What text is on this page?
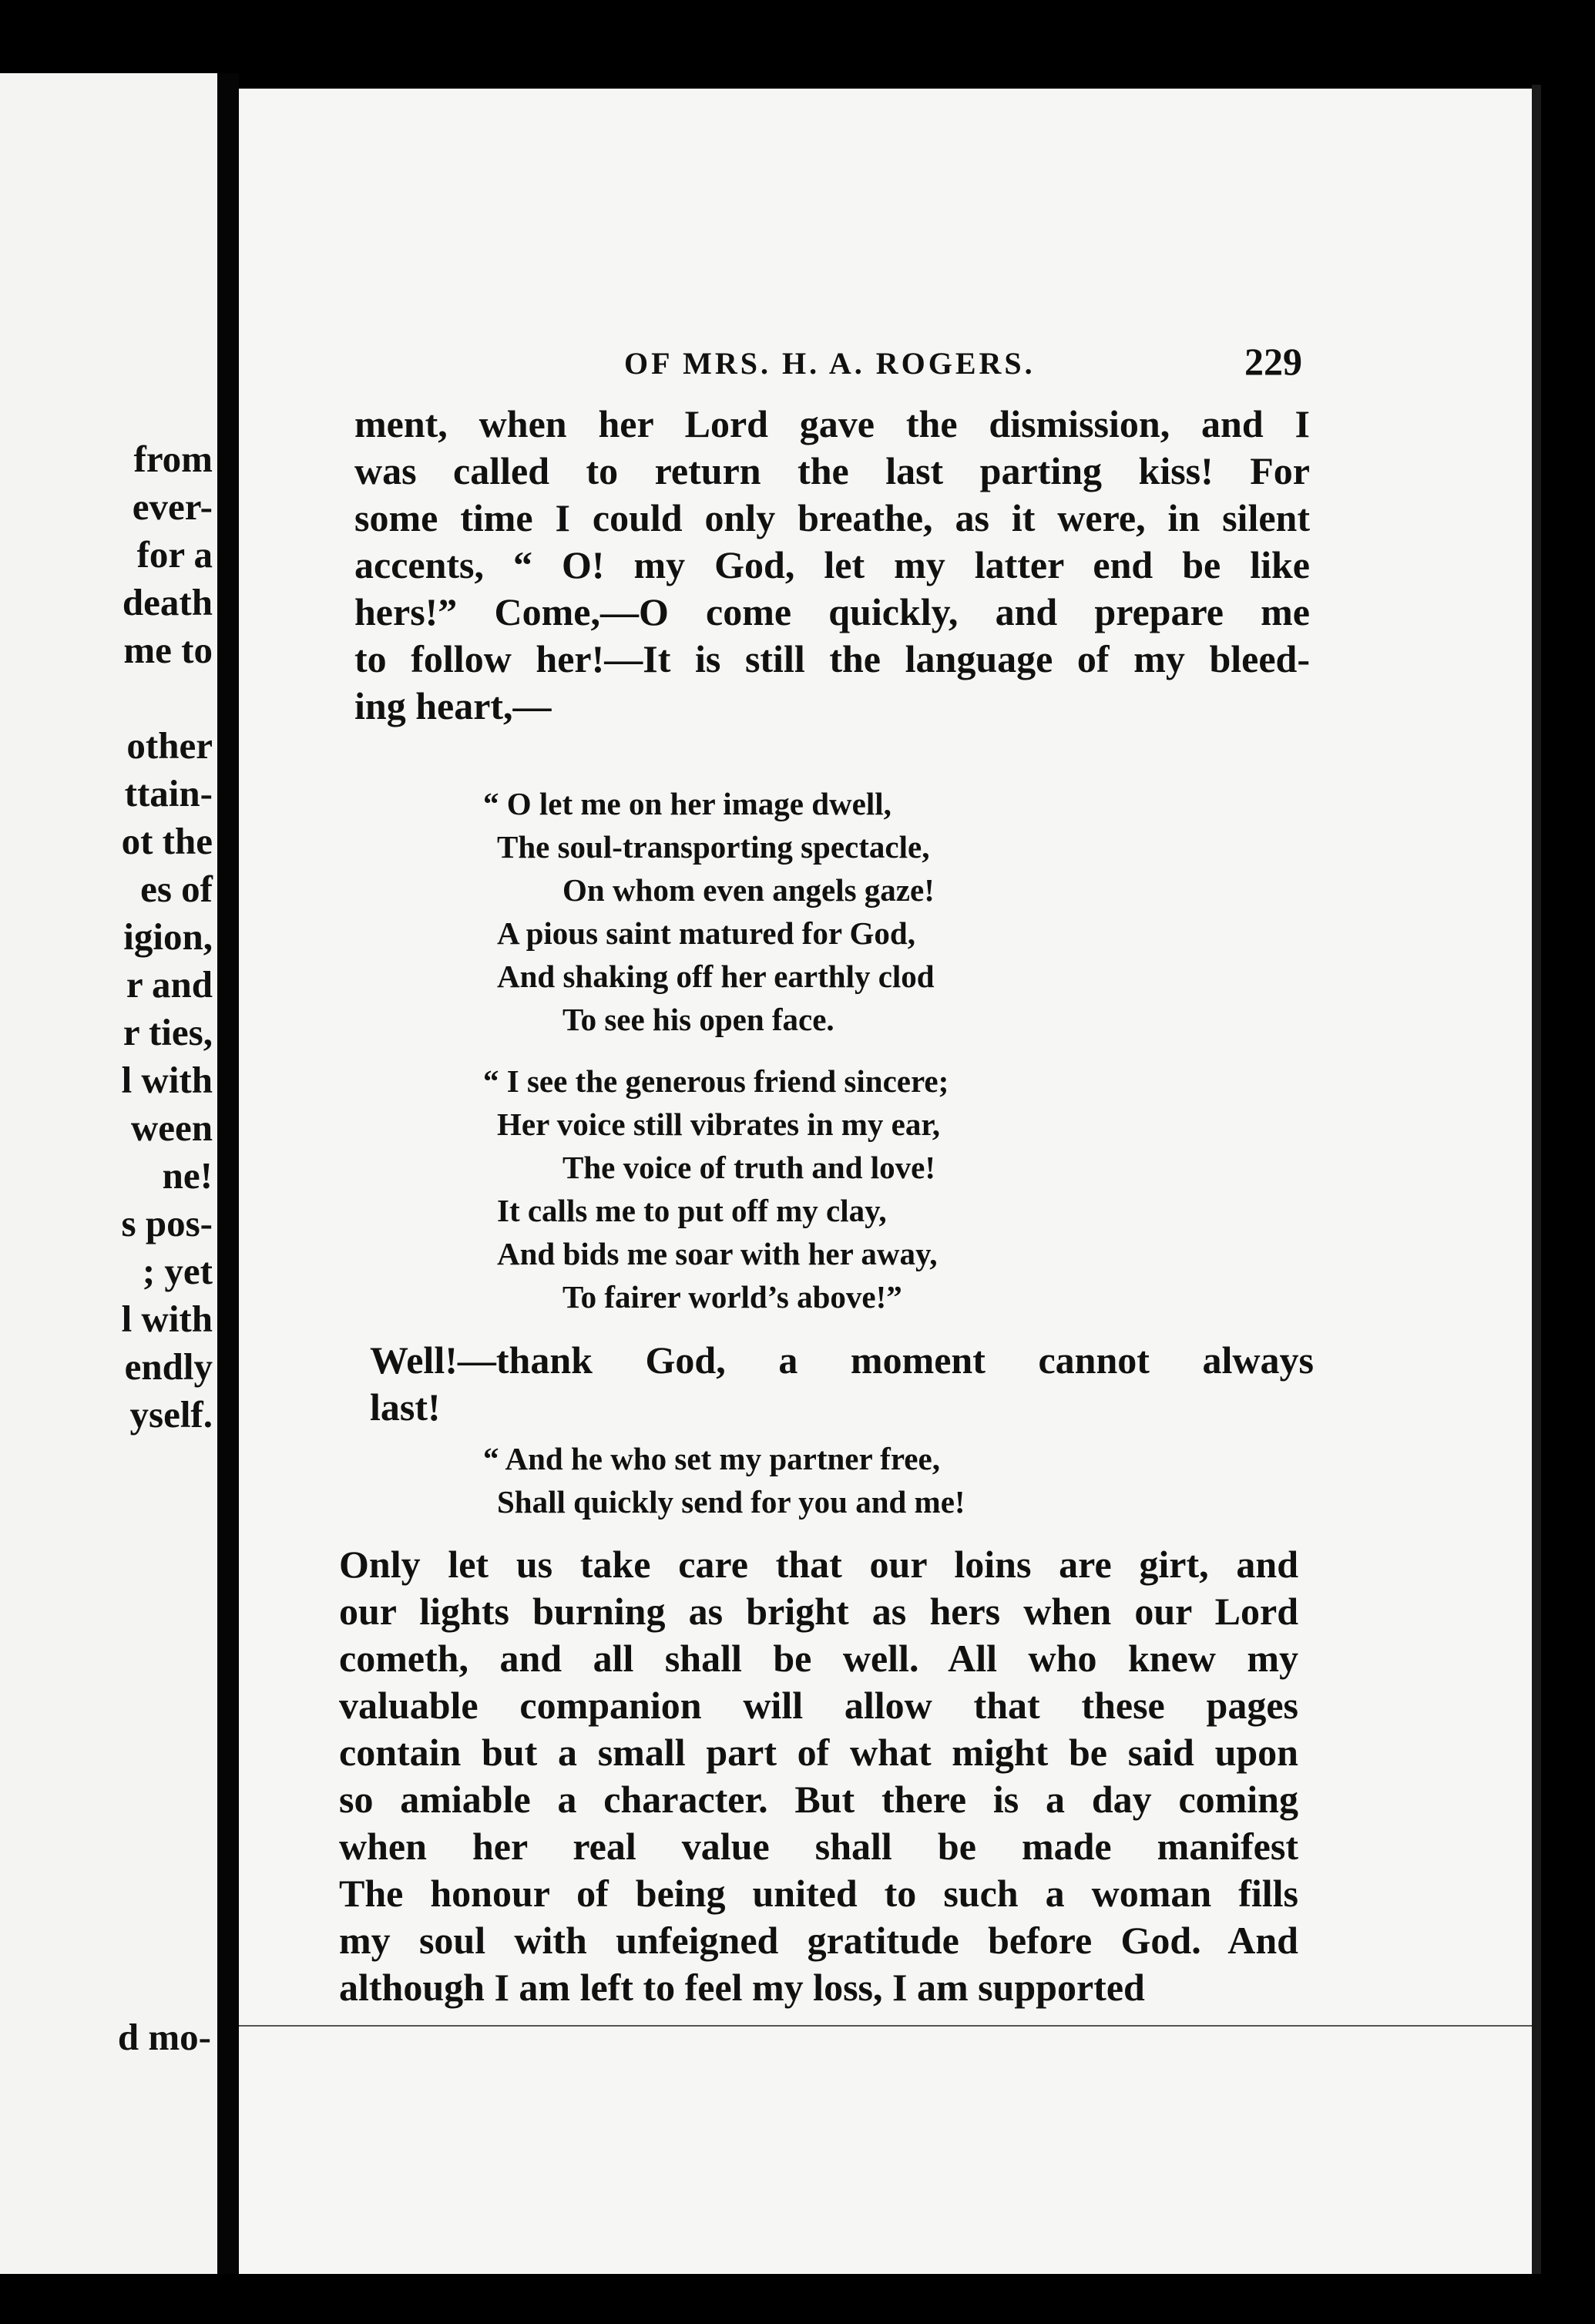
from
ever-
for a
death
me to
other
ttain-
ot the
es of
igion,
r and
r ties,
l with
ween
ne!
s pos-
; yet
l with
endly
yself.
d mo-
OF MRS. H. A. ROGERS.	229
ment, when her Lord gave the dismission, and I
was called to return the last parting kiss! For
some time I could only breathe, as it were, in silent
accents, “ O! my God, let my latter end be like
hers!” Come,—O come quickly, and prepare me
to follow her!—It is still the language of my bleed-
ing heart,—
“ O let me on her image dwell,
The soul-transporting spectacle,
On whom even angels gaze!
A pious saint matured for God,
And shaking off her earthly clod
To see his open face.
“ I see the generous friend sincere;
Her voice still vibrates in my ear,
The voice of truth and love!
It calls me to put off my clay,
And bids me soar with her away,
To fairer world’s above!”
Well!—thank God, a moment cannot always
last!
“ And he who set my partner free,
Shall quickly send for you and me!
Only let us take care that our loins are girt, and
our lights burning as bright as hers when our Lord
cometh, and all shall be well. All who knew my
valuable companion will allow that these pages
contain but a small part of what might be said upon
so amiable a character. But there is a day coming
when her real value shall be made manifest
The honour of being united to such a woman fills
my soul with unfeigned gratitude before God. And
although I am left to feel my loss, I am supported
